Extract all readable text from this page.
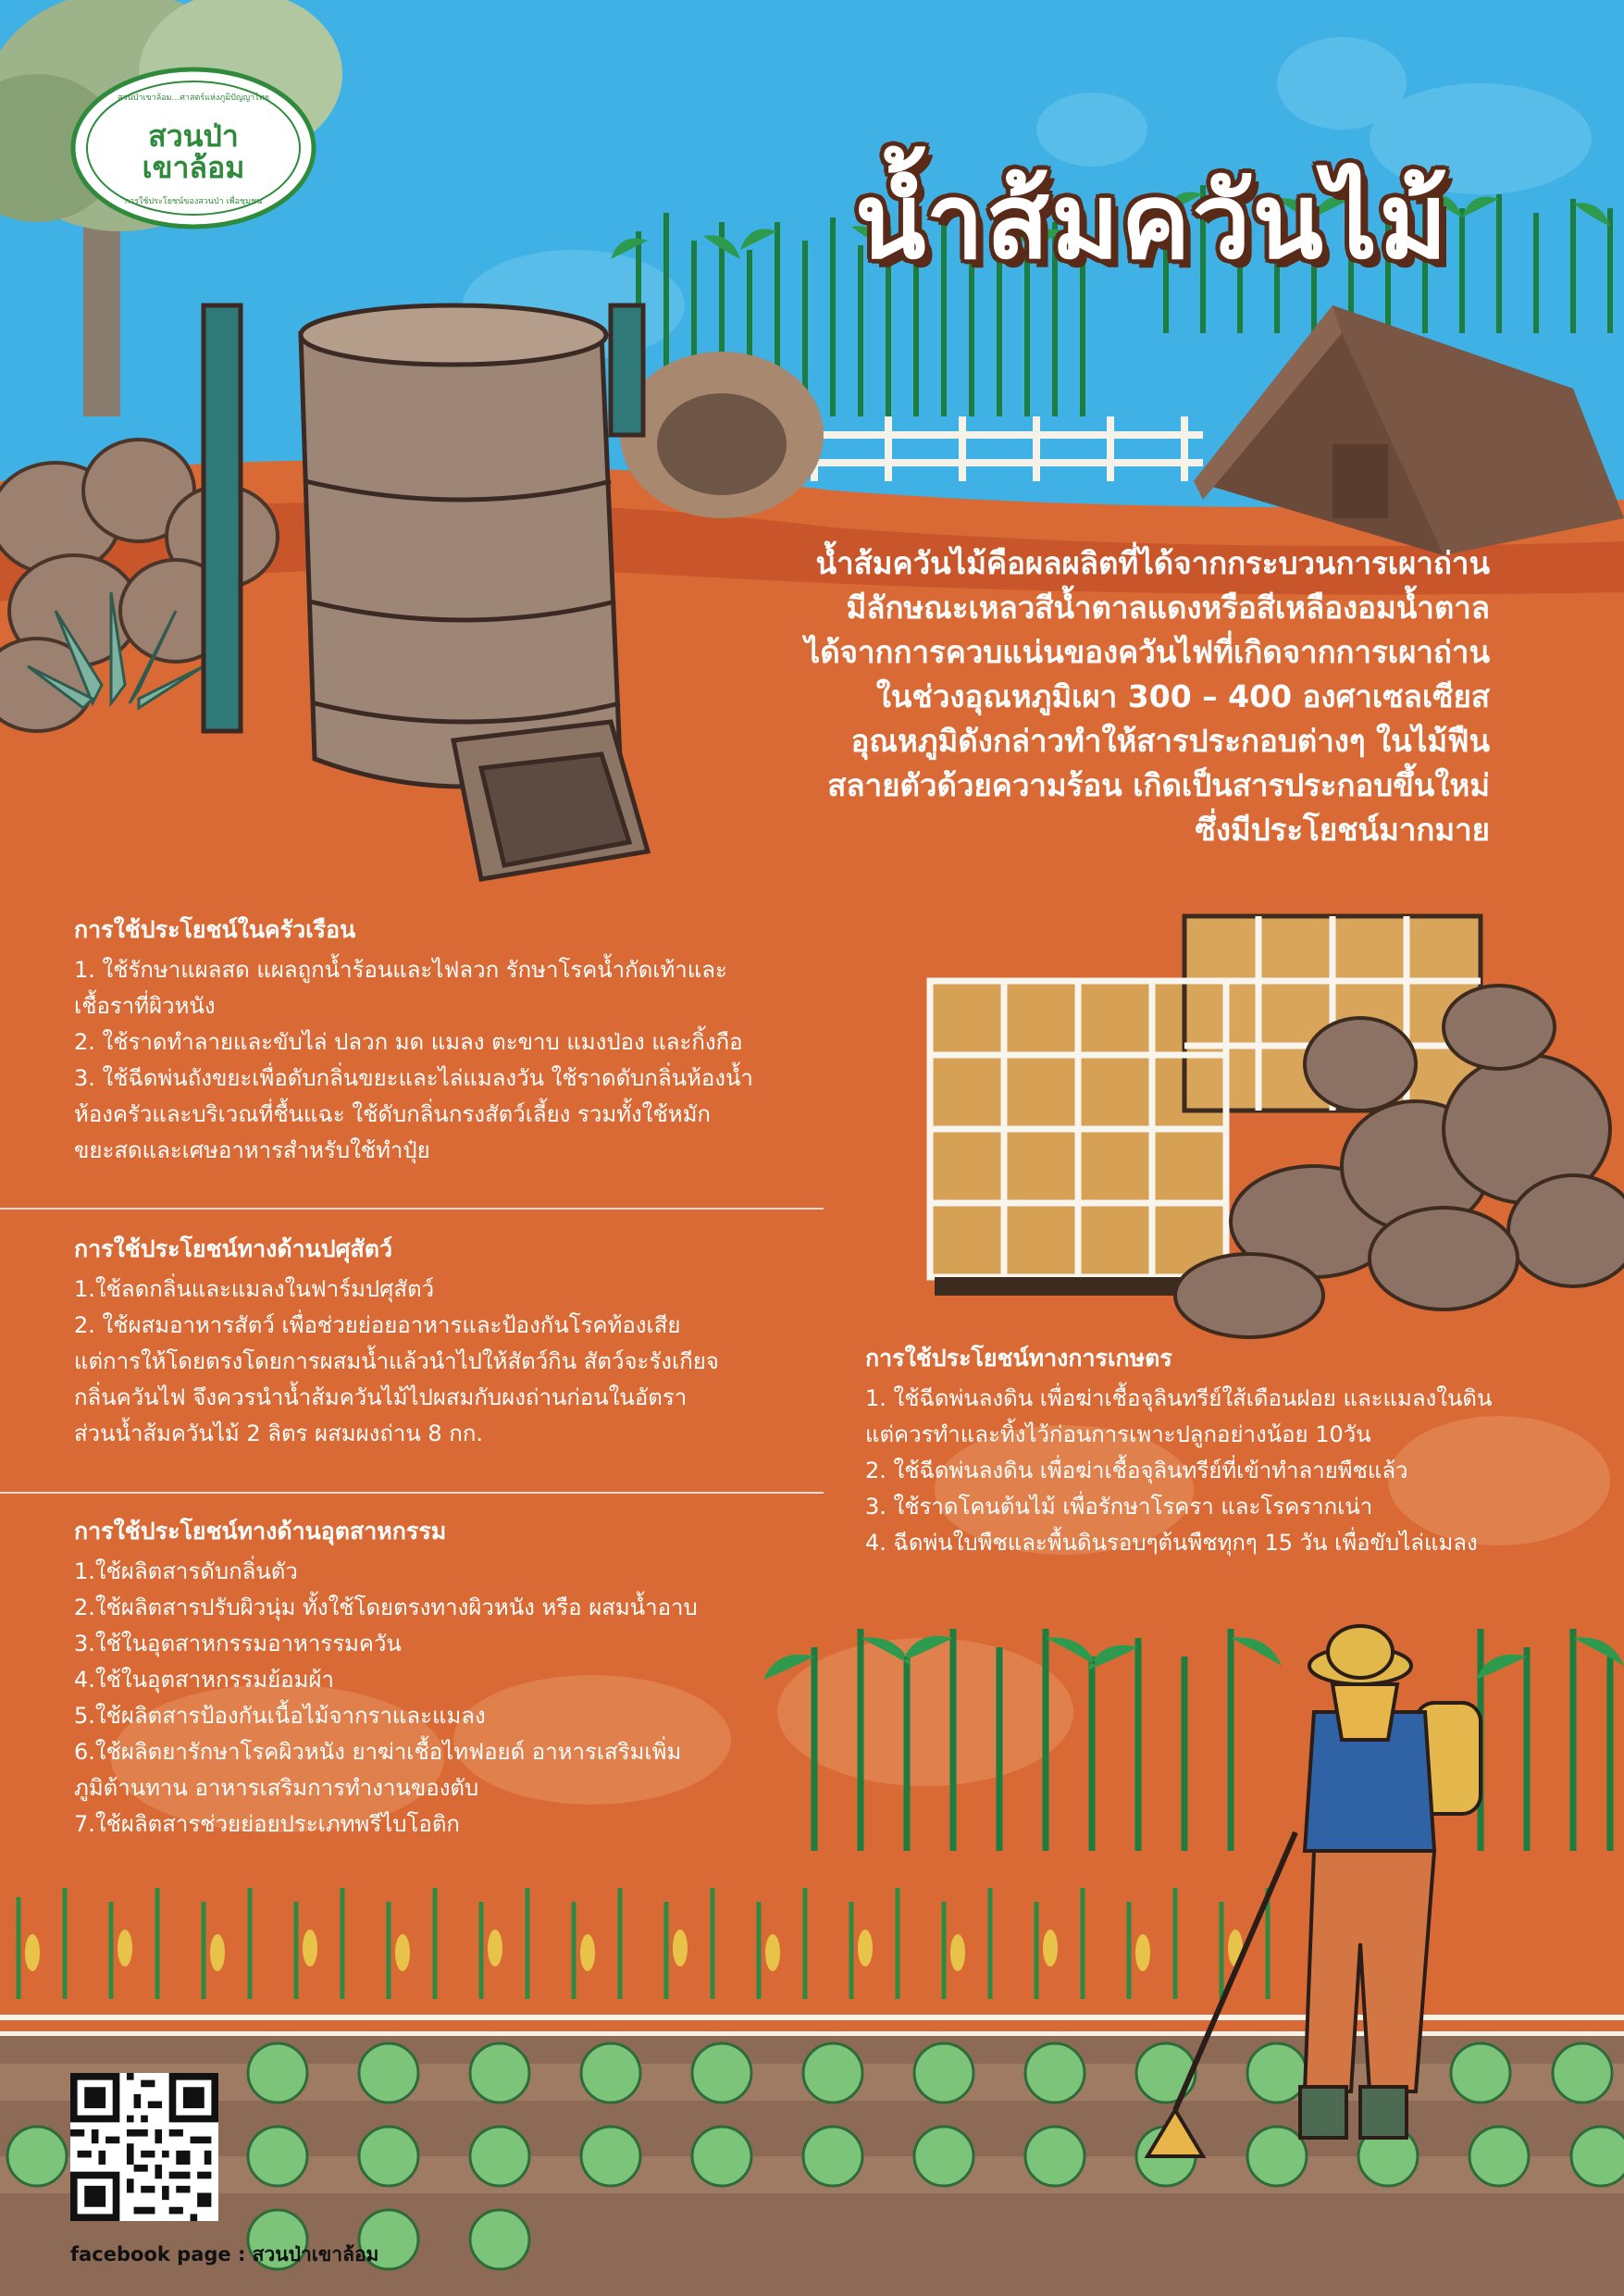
สวนป่าเขาล้อม...ศาสตร์แห่งภูมิปัญญาไทย
สวนป่า
เขาล้อม
การใช้ประโยชน์ของสวนป่า เพื่อชุมชน	น้ำส้มควันไม้
น้ำส้มควันไม้คือผลผลิตที่ได้จากกระบวนการเผาถ่าน
มีลักษณะเหลวสีน้ำตาลแดงหรือสีเหลืองอมน้ำตาล
ได้จากการควบแน่นของควันไฟที่เกิดจากการเผาถ่าน
ในช่วงอุณหภูมิเผา 300 – 400 องศาเซลเซียส
อุณหภูมิดังกล่าวทำให้สารประกอบต่างๆ ในไม้ฟืน
สลายตัวด้วยความร้อน เกิดเป็นสารประกอบขึ้นใหม่
ซึ่งมีประโยชน์มากมาย
การใช้ประโยชน์ในครัวเรือน
1. ใช้รักษาแผลสด แผลถูกน้ำร้อนและไฟลวก รักษาโรคน้ำกัดเท้าและ
เชื้อราที่ผิวหนัง
2. ใช้ราดทำลายและขับไล่ ปลวก มด แมลง ตะขาบ แมงป่อง และกิ้งกือ
3. ใช้ฉีดพ่นถังขยะเพื่อดับกลิ่นขยะและไล่แมลงวัน ใช้ราดดับกลิ่นห้องน้ำ
ห้องครัวและบริเวณที่ชื้นแฉะ ใช้ดับกลิ่นกรงสัตว์เลี้ยง รวมทั้งใช้หมัก
ขยะสดและเศษอาหารสำหรับใช้ทำปุ๋ย
การใช้ประโยชน์ทางด้านปศุสัตว์
1.ใช้ลดกลิ่นและแมลงในฟาร์มปศุสัตว์
2. ใช้ผสมอาหารสัตว์ เพื่อช่วยย่อยอาหารและป้องกันโรคท้องเสีย
แต่การให้โดยตรงโดยการผสมน้ำแล้วนำไปให้สัตว์กิน สัตว์จะรังเกียจ
กลิ่นควันไฟ จึงควรนำน้ำส้มควันไม้ไปผสมกับผงถ่านก่อนในอัตรา
ส่วนน้ำส้มควันไม้ 2 ลิตร ผสมผงถ่าน 8 กก.
การใช้ประโยชน์ทางด้านอุตสาหกรรม
1.ใช้ผลิตสารดับกลิ่นตัว
2.ใช้ผลิตสารปรับผิวนุ่ม ทั้งใช้โดยตรงทางผิวหนัง หรือ ผสมน้ำอาบ
3.ใช้ในอุตสาหกรรมอาหารรมควัน
4.ใช้ในอุตสาหกรรมย้อมผ้า
5.ใช้ผลิตสารป้องกันเนื้อไม้จากราและแมลง
6.ใช้ผลิตยารักษาโรคผิวหนัง ยาฆ่าเชื้อไทฟอยด์ อาหารเสริมเพิ่ม
ภูมิต้านทาน อาหารเสริมการทำงานของตับ
7.ใช้ผลิตสารช่วยย่อยประเภทพรีไบโอติก
การใช้ประโยชน์ทางการเกษตร
1. ใช้ฉีดพ่นลงดิน เพื่อฆ่าเชื้อจุลินทรีย์ใส้เดือนฝอย และแมลงในดิน
แต่ควรทำและทิ้งไว้ก่อนการเพาะปลูกอย่างน้อย 10วัน
2. ใช้ฉีดพ่นลงดิน เพื่อฆ่าเชื้อจุลินทรีย์ที่เข้าทำลายพืชแล้ว
3. ใช้ราดโคนต้นไม้ เพื่อรักษาโรครา และโรครากเน่า
4. ฉีดพ่นใบพืชและพื้นดินรอบๆต้นพืชทุกๆ 15 วัน เพื่อขับไล่แมลง
facebook page : สวนป่าเขาล้อม
